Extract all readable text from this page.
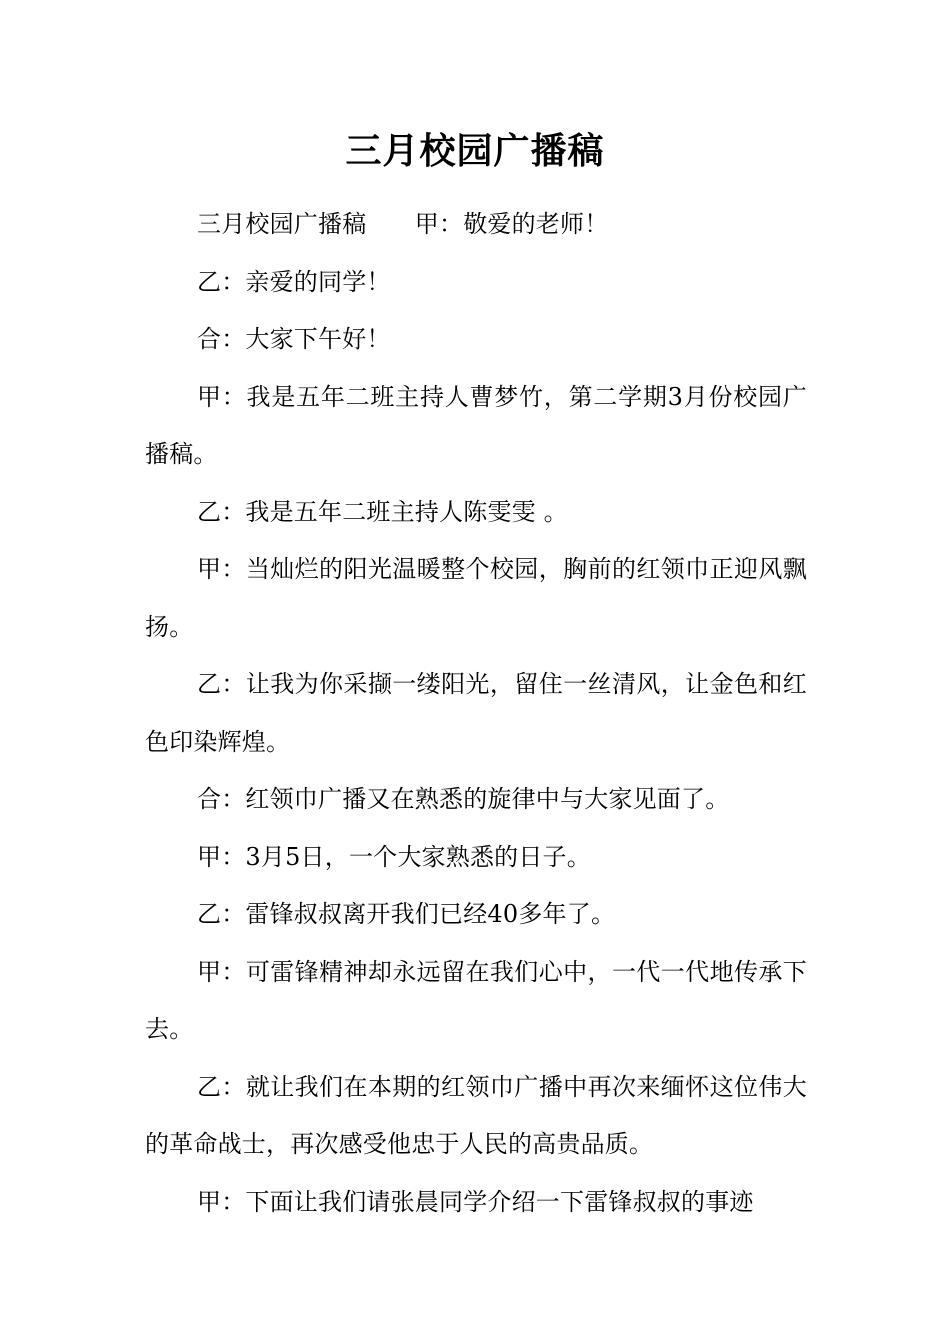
三月校园广播稿

三月校园广播稿　　甲：敬爱的老师！

乙：亲爱的同学！

合：大家下午好！

甲：我是五年二班主持人曹梦竹，第二学期3月份校园广播稿。

乙：我是五年二班主持人陈雯雯 。

甲：当灿烂的阳光温暖整个校园，胸前的红领巾正迎风飘扬。

乙：让我为你采撷一缕阳光，留住一丝清风，让金色和红色印染辉煌。

合：红领巾广播又在熟悉的旋律中与大家见面了。

甲：3月5日，一个大家熟悉的日子。

乙：雷锋叔叔离开我们已经40多年了。

甲：可雷锋精神却永远留在我们心中，一代一代地传承下去。

乙：就让我们在本期的红领巾广播中再次来缅怀这位伟大的革命战士，再次感受他忠于人民的高贵品质。

甲：下面让我们请张晨同学介绍一下雷锋叔叔的事迹
